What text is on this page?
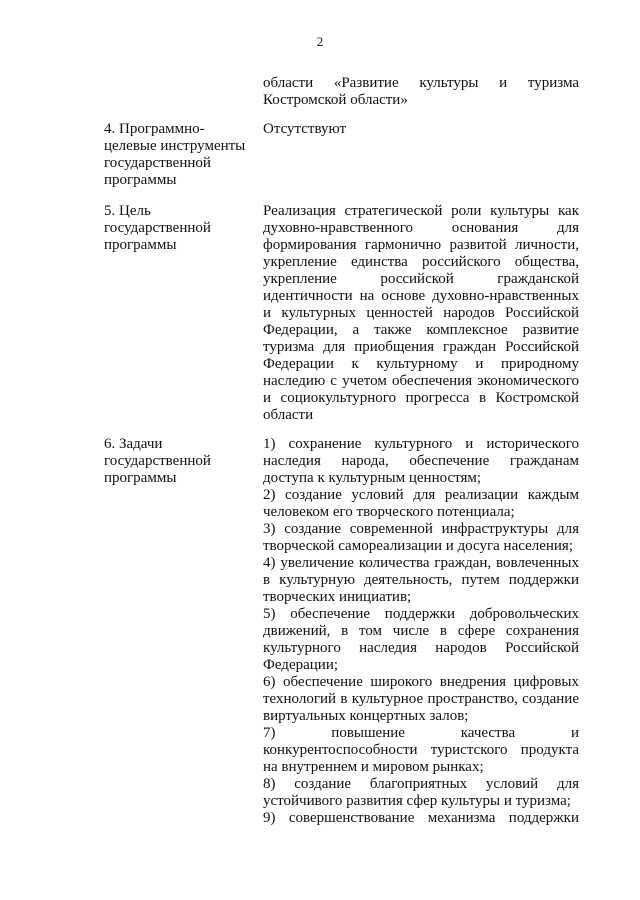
2
области «Развитие культуры и туризма
Костромской области»
4. Программно-
целевые инструменты
государственной
программы
Отсутствуют
5. Цель
государственной
программы
Реализация стратегической роли культуры как
духовно-нравственного основания для
формирования гармонично развитой личности,
укрепление единства российского общества,
укрепление российской гражданской
идентичности на основе духовно-нравственных
и культурных ценностей народов Российской
Федерации, а также комплексное развитие
туризма для приобщения граждан Российской
Федерации к культурному и природному
наследию с учетом обеспечения экономического
и социокультурного прогресса в Костромской
области
6. Задачи
государственной
программы
1) сохранение культурного и исторического
наследия народа, обеспечение гражданам
доступа к культурным ценностям;
2) создание условий для реализации каждым
человеком его творческого потенциала;
3) создание современной инфраструктуры для
творческой самореализации и досуга населения;
4) увеличение количества граждан, вовлеченных
в культурную деятельность, путем поддержки
творческих инициатив;
5) обеспечение поддержки добровольческих
движений, в том числе в сфере сохранения
культурного наследия народов Российской
Федерации;
6) обеспечение широкого внедрения цифровых
технологий в культурное пространство, создание
виртуальных концертных залов;
7) повышение качества и
конкурентоспособности туристского продукта
на внутреннем и мировом рынках;
8) создание благоприятных условий для
устойчивого развития сфер культуры и туризма;
9) совершенствование механизма поддержки
